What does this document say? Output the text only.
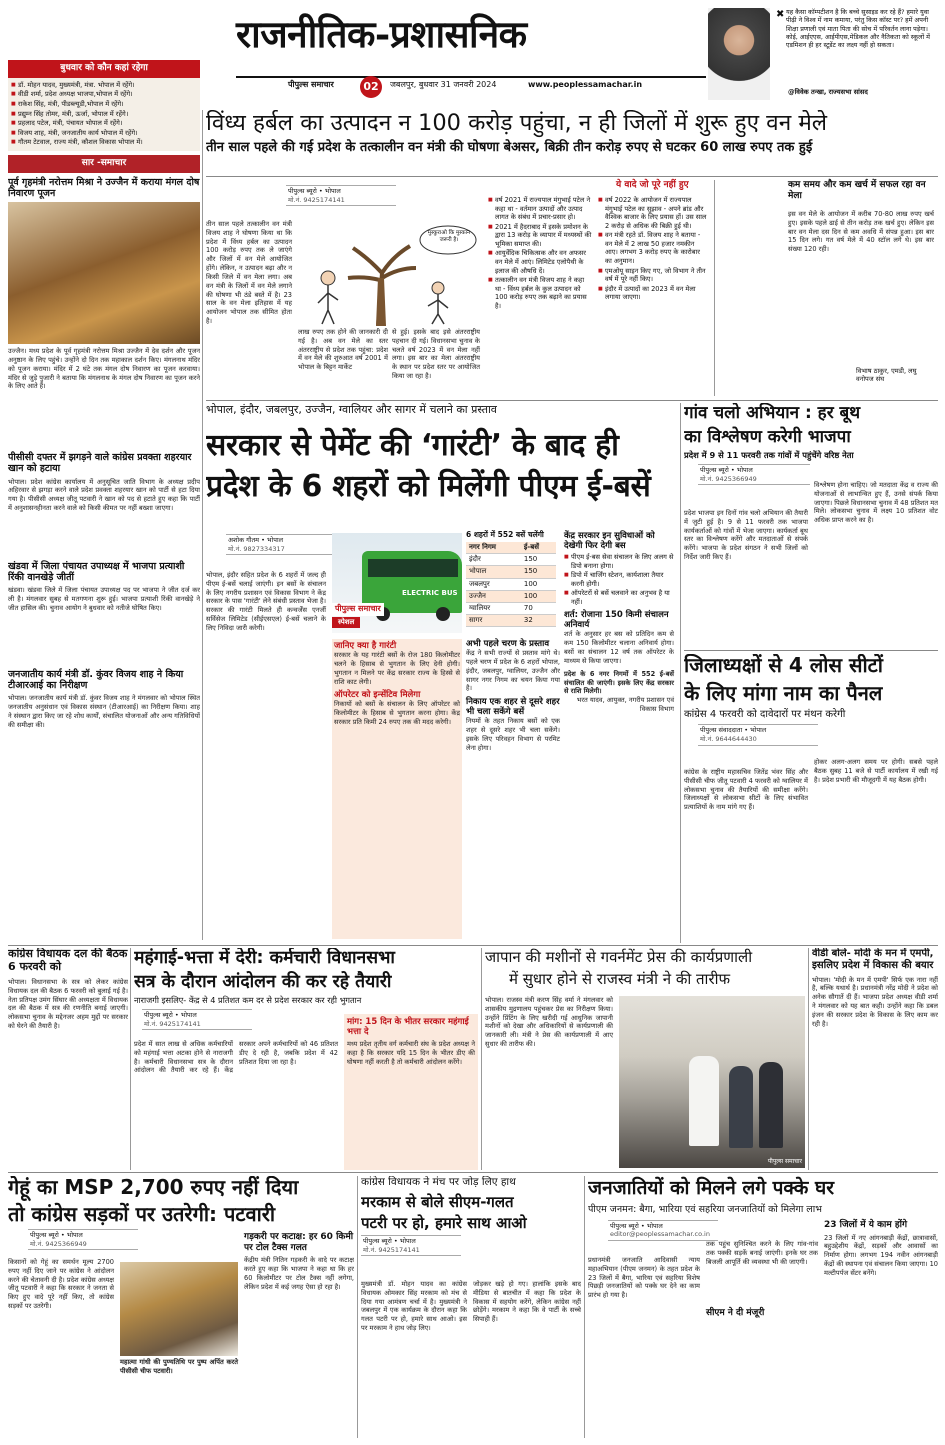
राजनीतिक-प्रशासनिक
पीपुल्स समाचार	02	जबलपुर, बुधवार 31 जनवरी 2024	www.peoplessamachar.in
✖ यह कैसा कॉम्पटीशन है कि बच्चे सुसाइड कर रहे हैं? हमारे युवा पीढ़ी ने विश्व में नाम कमाया, परंतु किस कॉस्ट पर? हमें अपनी शिक्षा प्रणाली एवं माता पिता की सोच में परिवर्तन लाना पड़ेगा। कोई, आईएएस, आईपीएस,मेडिकल और नैतिकता को स्कूलों में एडमिशन ही हर स्टूडेंट का लक्ष्य नहीं हो सकता।
@विवेक तन्खा, राज्यसभा सांसद
बुधवार को कौन कहां रहेगा
■ डॉ. मोहन यादव, मुख्यमंत्री, मंत्रा. भोपाल में रहेंगे।
■ वीडी शर्मा, प्रदेश अध्यक्ष भाजपा,भोपाल में रहेंगे।
■ राकेश सिंह, मंत्री, पीडब्ल्यूडी,भोपाल में रहेंगे।
■ प्रद्युम्न सिंह तोमर, मंत्री, ऊर्जा, भोपाल में रहेंगे।
■ प्रहलाद पटेल, मंत्री, पंचायत भोपाल में रहेंगे।
■ विजय शाह, मंत्री, जनजातीय कार्य भोपाल में रहेंगे।
■ गौतम टेटवाल, राज्य मंत्री, कौशल विकास भोपाल में।
सार -समाचार
पूर्व गृहमंत्री नरोत्तम मिश्रा ने उज्जैन में कराया मंगल दोष निवारण पूजन
उज्जैन। मध्य प्रदेश के पूर्व गृहमंत्री नरोत्तम मिश्रा उज्जैन में देव दर्शन और पूजन अनुष्ठान के लिए पहुंचे। उन्होंने दो दिन तक महाकाल दर्शन किए। मंगलनाथ मंदिर को पूजन कराया। मंदिर में 2 घंटे तक मंगल दोष निवारण का पूजन करवाया। मंदिर से जुड़े पुजारी ने बताया कि मंगलनाथ के मंगल दोष निवारण का पूजन करने के लिए आते हैं।
पीसीसी दफ्तर में झगड़ने वाले कांग्रेस प्रवक्ता शहरयार खान को हटाया
भोपाल। प्रदेश कांग्रेस कार्यालय में अनुसूचित जाति विभाग के अध्यक्ष प्रदीप अहिरवार से झगड़ा करने वाले प्रदेश प्रवक्ता शहरयार खान को पार्टी से हटा दिया गया है। पीसीसी अध्यक्ष जीतू पटवारी ने खान को पद से हटाते हुए कहा कि पार्टी में अनुशासनहीनता करने वाले को किसी कीमत पर नहीं बख्शा जाएगा।
खंडवा में जिला पंचायत उपाध्यक्ष में भाजपा प्रत्याशी रिंकी वानखेड़े जीतीं
खंडवा। खंडवा जिले में जिला पंचायत उपाध्यक्ष पद पर भाजपा ने जीत दर्ज कर ली है। मंगलवार सुबह से मतगणना शुरू हुई। भाजपा प्रत्याशी रिंकी वानखेड़े ने जीत हासिल की। चुनाव आयोग ने बुधवार को नतीजे घोषित किए।
जनजातीय कार्य मंत्री डॉ. कुंवर विजय शाह ने किया टीआरआई का निरीक्षण
भोपाल। जनजातीय कार्य मंत्री डॉ. कुंवर विजय शाह ने मंगलवार को भोपाल स्थित जनजातीय अनुसंधान एवं विकास संस्थान (टीआरआई) का निरीक्षण किया। शाह ने संस्थान द्वारा किए जा रहे शोध कार्यों, संचालित योजनाओं और अन्य गतिविधियों की समीक्षा की।
विंध्य हर्बल का उत्पादन न 100 करोड़ पहुंचा, न ही जिलों में शुरू हुए वन मेले
तीन साल पहले की गई प्रदेश के तत्कालीन वन मंत्री की घोषणा बेअसर, बिक्री तीन करोड़ रुपए से घटकर 60 लाख रुपए तक हुई
पीपुल्स ब्यूरो • भोपाल
मो.नं. 9425174141
तीन साल पहले तत्कालीन वन मंत्री विजय शाह ने घोषणा किया था कि प्रदेश में विंध्य हर्बल का उत्पादन 100 करोड़ रुपए तक ले जाएंगे और जिलों में वन मेले आयोजित होंगे। लेकिन, न उत्पादन बढ़ा और न किसी जिले में वन मेला लगा। अब वन मंत्री के जिलों में वन मेले लगाने की घोषणा भी ठंडे बस्ते में है। 23 साल के वन मेला इतिहास में यह आयोजन भोपाल तक सीमित होता है।
मुस्कुराओ कि मुस्कान जरूरी है।
लाख रुपए तक होने की जानकारी दी गई है। अब वन मेले का स्तर अंतरराष्ट्रीय से प्रदेश तक पहुंचा: प्रदेश में वन मेले की शुरुआत वर्ष 2001 में भोपाल के बिट्टन मार्केट
से हुई। इसके बाद इसे अंतरराष्ट्रीय पहचान दी गई। विधानसभा चुनाव के चलते वर्ष 2023 में वन मेला नहीं लगा। इस बार का मेला अंतरराष्ट्रीय के स्थान पर प्रदेश स्तर पर आयोजित किया जा रहा है।
ये वादे जो पूरे नहीं हुए
■ वर्ष 2021 में राज्यपाल मंगुभाई पटेल ने कहा था - वर्तमान उत्पादों और उत्पाद लागत के संबंध में प्रचार-प्रसार हो।
■ 2021 में हैदराबाद में इसके प्रमोशन के द्वारा 13 करोड़ के व्यापार में मध्यस्थों की भूमिका समाप्त की।
■ आयुर्वेदिक चिकित्सक और वन अफसर वन मेले में आएं। लिमिटेड एलोपैथी के इलाज की औषधि दें।
■ तत्कालीन वन मंत्री विजय शाह ने कहा था - विंध्य हर्बल के कुल उत्पादन को 100 करोड़ रुपए तक बढ़ाने का प्रयास है।
■ वर्ष 2022 के आयोजन में राज्यपाल मंगुभाई पटेल का सुझाव - अपने ब्रांड और वैश्विक बाजार के लिए प्रयास हों। उस साल 2 करोड़ से अधिक की बिक्री हुई थी।
■ वन मंत्री रहते डॉ. विजय शाह ने बताया - वन मेले में 2 लाख 50 हजार नमकीन आए। लगभग 3 करोड़ रुपए के कारोबार का अनुमान।
■ एमओयू साइन किए गए, जो विभाग ने तीन वर्ष में पूरे नहीं किए।
■ इंदौर में उत्पादों का 2023 में वन मेला लगाया जाएगा।
कम समय और कम खर्च में सफल रहा वन मेला
इस वन मेले के आयोजन में करीब 70-80 लाख रुपए खर्च हुए। इसके पहले ढाई से तीन करोड़ तक खर्च हुए। लेकिन इस बार वन मेला दस दिन से कम अवधि में संपन्न हुआ। इस बार 15 दिन लगे। गत वर्ष मेले में 40 स्टॉल लगे थे। इस बार संख्या 120 रही।
विभाष ठाकुर, एमडी, लघु वनोपज संघ
भोपाल, इंदौर, जबलपुर, उज्जैन, ग्वालियर और सागर में चलाने का प्रस्ताव
सरकार से पेमेंट की ‘गारंटी’ के बाद ही
प्रदेश के 6 शहरों को मिलेंगी पीएम ई-बसें
अशोक गौतम • भोपाल
मो.नं. 9827334317
भोपाल, इंदौर सहित प्रदेश के 6 शहरों में जल्द ही पीएम ई-बसें चलाई जाएंगी। इन बसों के संचालन के लिए नगरीय प्रशासन एवं विकास विभाग ने केंद्र सरकार के पास 'गारंटी' लेने संबंधी प्रस्ताव भेजा है। सरकार की गारंटी मिलते ही कन्वर्जेंस एनर्जी सर्विसेज लिमिटेड (सीईएसएल) ई-बसें चलाने के लिए निविदा जारी करेगी।
ELECTRIC BUS
पीपुल्स समाचार
स्पेशल
6 शहरों में 552 बसें चलेंगी
नगर निगम	ई-बसें
इंदौर	150
भोपाल	150
जबलपुर	100
उज्जैन	100
ग्वालियर	70
सागर	32
जानिए क्या है गारंटी
सरकार के यह गारंटी बसों के रोज 180 किलोमीटर चलने के हिसाब से भुगतान के लिए देनी होगी। भुगतान न मिलने पर केंद्र सरकार राज्य के हिस्से से राशि काट लेगी।
ऑपरेटर को इन्सेंटिव मिलेगा
निकायों को बसों के संचालन के लिए ऑपरेटर को किलोमीटर के हिसाब से भुगतान करना होगा। केंद्र सरकार प्रति किमी 24 रुपए तक की मदद करेगी।
अभी पहले चरण के प्रस्ताव
केंद्र ने सभी राज्यों से प्रस्ताव मांगे थे। पहले चरण में प्रदेश के 6 शहरों भोपाल, इंदौर, जबलपुर, ग्वालियर, उज्जैन और सागर नगर निगम का चयन किया गया है।
निकाय एक शहर से दूसरे शहर भी चला सकेंगे बसें
नियमों के तहत निकाय बसों को एक शहर से दूसरे शहर भी चला सकेंगे। इसके लिए परिवहन विभाग से परमिट लेना होगा।
केंद्र सरकार इन सुविधाओं को देखेगी फिर देगी बस
■ पीएम ई-बस सेवा संचालन के लिए अलग से डिपो बनाना होगा।
■ डिपो में चार्जिंग स्टेशन, कार्यशाला तैयार करनी होगी।
■ ऑपरेटरों से बसें चलवाने का अनुभव है या नहीं।
शर्त: रोजाना 150 किमी संचालन अनिवार्य
शर्त के अनुसार हर बस को प्रतिदिन कम से कम 150 किलोमीटर चलाना अनिवार्य होगा। बसों का संचालन 12 वर्ष तक ऑपरेटर के माध्यम से किया जाएगा।
प्रदेश के 6 नगर निगमों में 552 ई-बसें संचालित की जाएंगी। इसके लिए केंद्र सरकार से राशि मिलेगी।
भरत यादव, आयुक्त, नगरीय प्रशासन एवं विकास विभाग
गांव चलो अभियान : हर बूथ
का विश्लेषण करेगी भाजपा
प्रदेश में 9 से 11 फरवरी तक गांवों में पहुंचेंगे वरिष्ठ नेता
पीपुल्स ब्यूरो • भोपाल
मो.नं. 9425366949
प्रदेश भाजपा इन दिनों गांव चलो अभियान की तैयारी में जुटी हुई है। 9 से 11 फरवरी तक भाजपा कार्यकर्ताओं को गांवों में भेजा जाएगा। कार्यकर्ता बूथ स्तर का विश्लेषण करेंगे और मतदाताओं से संपर्क करेंगे। भाजपा के प्रदेश संगठन ने सभी जिलों को निर्देश जारी किए हैं।
विश्लेषण होना चाहिए। जो मतदाता केंद्र व राज्य की योजनाओं से लाभान्वित हुए हैं, उनसे संपर्क किया जाएगा। पिछले विधानसभा चुनाव में 48 प्रतिशत मत मिले। लोकसभा चुनाव में लक्ष्य 10 प्रतिशत वोट अधिक प्राप्त करने का है।
जिलाध्यक्षों से 4 लोस सीटों
के लिए मांगा नाम का पैनल
कांग्रेस 4 फरवरी को दावेदारों पर मंथन करेगी
पीपुल्स संवाददाता • भोपाल
मो.नं. 9644644430
कांग्रेस के राष्ट्रीय महासचिव जितेंद्र भंवर सिंह और पीसीसी चीफ जीतू पटवारी 4 फरवरी को ग्वालियर में लोकसभा चुनाव की तैयारियों की समीक्षा करेंगे। जिलाध्यक्षों से लोकसभा सीटों के लिए संभावित प्रत्याशियों के नाम मांगे गए हैं।
होकर अलग-अलग समय पर होगी। सबसे पहले बैठक सुबह 11 बजे से पार्टी कार्यालय में रखी गई है। प्रदेश प्रभारी की मौजूदगी में यह बैठक होगी।
कांग्रेस विधायक दल की बैठक 6 फरवरी को
भोपाल। विधानसभा के सत्र को लेकर कांग्रेस विधायक दल की बैठक 6 फरवरी को बुलाई गई है। नेता प्रतिपक्ष उमंग सिंघार की अध्यक्षता में विधायक दल की बैठक में सत्र की रणनीति बनाई जाएगी। लोकसभा चुनाव के मद्देनजर अहम मुद्दों पर सरकार को घेरने की तैयारी है।
महंगाई-भत्ता में देरी: कर्मचारी विधानसभा
सत्र के दौरान आंदोलन की कर रहे तैयारी
नाराजगी इसलिए- केंद्र से 4 प्रतिशत कम दर से प्रदेश सरकार कर रही भुगतान
पीपुल्स ब्यूरो • भोपाल
मो.नं. 9425174141
प्रदेश में सात लाख से अधिक कर्मचारियों को महंगाई भत्ता अटका होने से नाराजगी है। कर्मचारी विधानसभा सत्र के दौरान आंदोलन की तैयारी कर रहे हैं। केंद्र सरकार अपने कर्मचारियों को 46 प्रतिशत डीए दे रही है, जबकि प्रदेश में 42 प्रतिशत दिया जा रहा है।
मांग: 15 दिन के भीतर सरकार महंगाई भत्ता दे
मध्य प्रदेश तृतीय वर्ग कर्मचारी संघ के प्रदेश अध्यक्ष ने कहा है कि सरकार यदि 15 दिन के भीतर डीए की घोषणा नहीं करती है तो कर्मचारी आंदोलन करेंगे।
जापान की मशीनों से गवर्नमेंट प्रेस की कार्यप्रणाली
में सुधार होने से राजस्व मंत्री ने की तारीफ
भोपाल। राजस्व मंत्री करण सिंह वर्मा ने मंगलवार को शासकीय मुद्रणालय पहुंचकर प्रेस का निरीक्षण किया। उन्होंने प्रिंटिंग के लिए खरीदी गई आधुनिक जापानी मशीनों को देखा और अधिकारियों से कार्यप्रणाली की जानकारी ली। मंत्री ने प्रेस की कार्यप्रणाली में आए सुधार की तारीफ की।
पीपुल्स समाचार
वीडी बोले- मोदी के मन में एमपी, इसलिए प्रदेश में विकास की बयार
भोपाल। 'मोदी के मन में एमपी' सिर्फ एक नारा नहीं है, बल्कि यथार्थ है। प्रधानमंत्री नरेंद्र मोदी ने प्रदेश को अनेक सौगातें दी हैं। भाजपा प्रदेश अध्यक्ष वीडी शर्मा ने मंगलवार को यह बात कही। उन्होंने कहा कि डबल इंजन की सरकार प्रदेश के विकास के लिए काम कर रही है।
गेहूं का MSP 2,700 रुपए नहीं दिया
तो कांग्रेस सड़कों पर उतरेगी: पटवारी
पीपुल्स ब्यूरो • भोपाल
मो.नं. 9425366949
किसानों को गेहूं का समर्थन मूल्य 2700 रुपए नहीं दिए जाने पर कांग्रेस ने आंदोलन करने की चेतावनी दी है। प्रदेश कांग्रेस अध्यक्ष जीतू पटवारी ने कहा कि सरकार ने जनता से किए हुए वादे पूरे नहीं किए, तो कांग्रेस सड़कों पर उतरेगी।
महात्मा गांधी की पुण्यतिथि पर पुष्प अर्पित करते पीसीसी चीफ पटवारी।
गड़करी पर कटाक्ष: हर 60 किमी पर टोल टैक्स गलत
केंद्रीय मंत्री नितिन गड़करी के वादे पर कटाक्ष करते हुए कहा कि भाजपा ने कहा था कि हर 60 किलोमीटर पर टोल टैक्स नहीं लगेगा, लेकिन प्रदेश में कई जगह ऐसा हो रहा है।
कांग्रेस विधायक ने मंच पर जोड़ लिए हाथ
मरकाम से बोले सीएम-गलत
पटरी पर हो, हमारे साथ आओ
पीपुल्स ब्यूरो • भोपाल
मो.नं. 9425174141
मुख्यमंत्री डॉ. मोहन यादव का कांग्रेस विधायक ओमकार सिंह मरकाम को मंच से दिया गया आमंत्रण चर्चा में है। मुख्यमंत्री ने जबलपुर में एक कार्यक्रम के दौरान कहा कि गलत पटरी पर हो, हमारे साथ आओ। इस पर मरकाम ने हाथ जोड़ लिए।
जोड़कर खड़े हो गए। हालांकि इसके बाद मीडिया से बातचीत में कहा कि प्रदेश के विकास में सहयोग करेंगे, लेकिन कांग्रेस नहीं छोड़ेंगे। मरकाम ने कहा कि वे पार्टी के सच्चे सिपाही हैं।
जनजातियों को मिलने लगे पक्के घर
पीएम जनमन: बैगा, भारिया एवं सहरिया जनजातियों को मिलेगा लाभ
पीपुल्स ब्यूरो • भोपाल
editor@peoplessamachar.co.in
प्रधानमंत्री जनजाति आदिवासी न्याय महाअभियान (पीएम जनमन) के तहत प्रदेश के 23 जिलों में बैगा, भारिया एवं सहरिया विशेष पिछड़ी जनजातियों को पक्के घर देने का काम प्रारंभ हो गया है।
तक पहुंच सुनिश्चित करने के लिए गांव-गांव तक पक्की सड़कें बनाई जाएंगी। इनके घर तक बिजली आपूर्ति की व्यवस्था भी की जाएगी।
सीएम ने दी मंजूरी
23 जिलों में ये काम होंगे
23 जिलों में नए आंगनबाड़ी केंद्रों, छात्रावासों, बहुउद्देशीय केंद्रों, सड़कों और आवासों का निर्माण होगा। लगभग 194 नवीन आंगनबाड़ी केंद्रों की स्थापना एवं संचालन किया जाएगा। 10 मल्टीपर्पज सेंटर बनेंगे।
